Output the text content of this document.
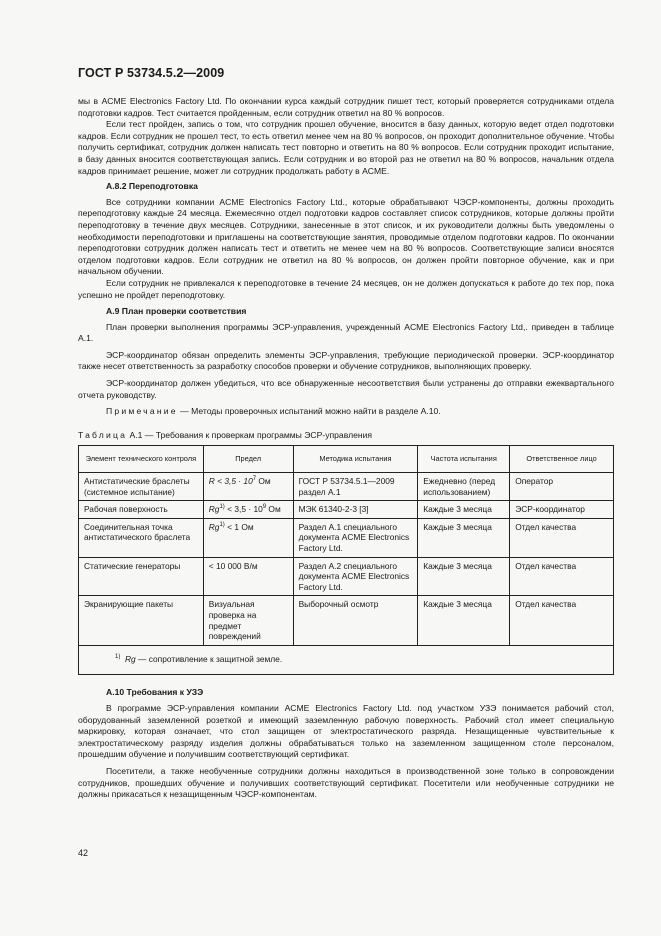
ГОСТ Р 53734.5.2—2009

мы в ACME Electronics Factory Ltd. По окончании курса каждый сотрудник пишет тест, который проверяется сотрудниками отдела подготовки кадров. Тест считается пройденным, если сотрудник ответил на 80 % вопросов.

Если тест пройден, запись о том, что сотрудник прошел обучение, вносится в базу данных, которую ведет отдел подготовки кадров. Если сотрудник не прошел тест, то есть ответил менее чем на 80 % вопросов, он проходит дополнительное обучение. Чтобы получить сертификат, сотрудник должен написать тест повторно и ответить на 80 % вопросов. Если сотрудник проходит испытание, в базу данных вносится соответствующая запись. Если сотрудник и во второй раз не ответил на 80 % вопросов, начальник отдела кадров принимает решение, может ли сотрудник продолжать работу в ACME.

А.8.2 Переподготовка

Все сотрудники компании ACME Electronics Factory Ltd., которые обрабатывают ЧЭСР-компоненты, должны проходить переподготовку каждые 24 месяца. Ежемесячно отдел подготовки кадров составляет список сотрудников, которые должны пройти переподготовку в течение двух месяцев. Сотрудники, занесенные в этот список, и их руководители должны быть уведомлены о необходимости переподготовки и приглашены на соответствующие занятия, проводимые отделом подготовки кадров. По окончании переподготовки сотрудник должен написать тест и ответить не менее чем на 80 % вопросов. Соответствующие записи вносятся отделом подготовки кадров. Если сотрудник не ответил на 80 % вопросов, он должен пройти повторное обучение, как и при начальном обучении.

Если сотрудник не привлекался к переподготовке в течение 24 месяцев, он не должен допускаться к работе до тех пор, пока успешно не пройдет переподготовку.

А.9 План проверки соответствия

План проверки выполнения программы ЭСР-управления, учрежденный ACME Electronics Factory Ltd,. приведен в таблице А.1.

ЭСР-координатор обязан определить элементы ЭСР-управления, требующие периодической проверки. ЭСР-координатор также несет ответственность за разработку способов проверки и обучение сотрудников, выполняющих проверку.

ЭСР-координатор должен убедиться, что все обнаруженные несоответствия были устранены до отправки ежеквартального отчета руководству.

Примечание — Методы проверочных испытаний можно найти в разделе А.10.

Таблица А.1 — Требования к проверкам программы ЭСР-управления

Элемент технического контроля	Предел	Методика испытания	Частота испытания	Ответственное лицо
Антистатические браслеты (системное испытание)	$R < 3,5 \cdot 10^7$ Ом	ГОСТ Р 53734.5.1—2009 раздел А.1	Ежедневно (перед использованием)	Оператор
Рабочая поверхность	$Rg^{1)} < 3,5 \cdot 10^9$ Ом	МЭК 61340-2-3 [3]	Каждые 3 месяца	ЭСР-координатор
Соединительная точка антистатического браслета	$Rg^{1)} < 1$ Ом	Раздел А.1 специального документа ACME Electronics Factory Ltd.	Каждые 3 месяца	Отдел качества
Статические генераторы	< 10 000 В/м	Раздел А.2 специального документа ACME Electronics Factory Ltd.	Каждые 3 месяца	Отдел качества
Экранирующие пакеты	Визуальная проверка на предмет повреждений	Выборочный осмотр	Каждые 3 месяца	Отдел качества
$^{1)}$ Rg — сопротивление к защитной земле.				

А.10 Требования к УЗЭ

В программе ЭСР-управления компании ACME Electronics Factory Ltd. под участком УЗЭ понимается рабочий стол, оборудованный заземленной розеткой и имеющий заземленную рабочую поверхность. Рабочий стол имеет специальную маркировку, которая означает, что стол защищен от электростатического разряда. Незащищенные чувствительные к электростатическому разряду изделия должны обрабатываться только на заземленном защищенном столе персоналом, прошедшим обучение и получившим соответствующий сертификат.

Посетители, а также необученные сотрудники должны находиться в производственной зоне только в сопровождении сотрудников, прошедших обучение и получивших соответствующий сертификат. Посетители или необученные сотрудники не должны прикасаться к незащищенным ЧЭСР-компонентам.

42
